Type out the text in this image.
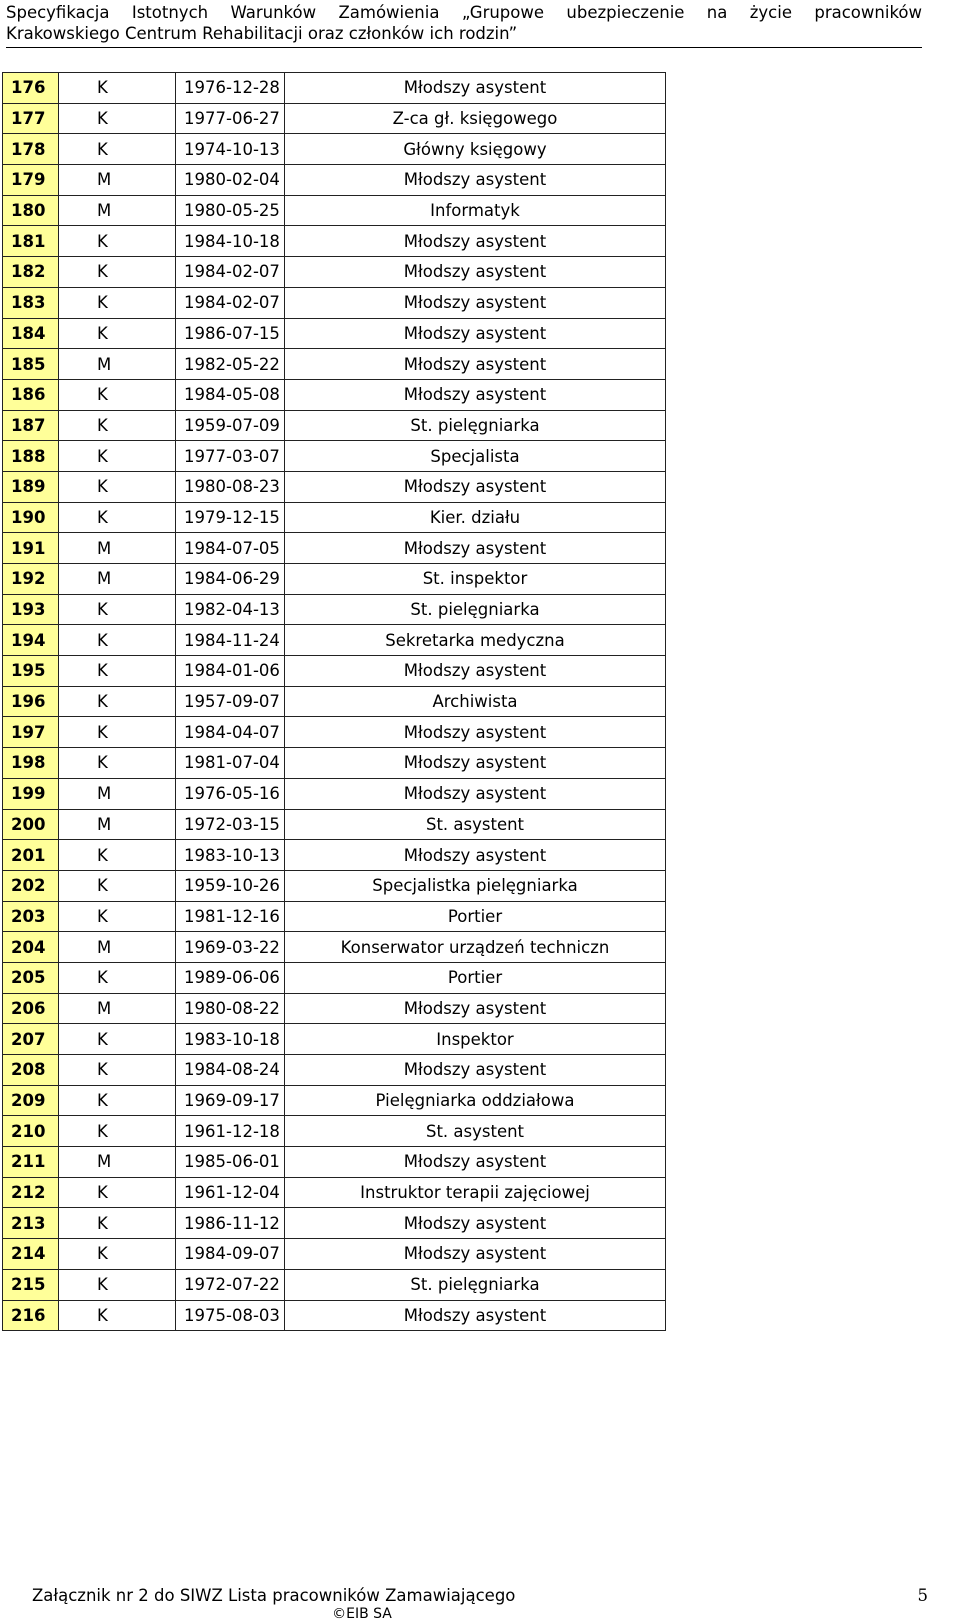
Specyfikacja Istotnych Warunków Zamówienia „Grupowe ubezpieczenie na życie pracowników
Krakowskiego Centrum Rehabilitacji oraz członków ich rodzin”
176	K	1976-12-28	Młodszy asystent
177	K	1977-06-27	Z-ca gł. księgowego
178	K	1974-10-13	Główny księgowy
179	M	1980-02-04	Młodszy asystent
180	M	1980-05-25	Informatyk
181	K	1984-10-18	Młodszy asystent
182	K	1984-02-07	Młodszy asystent
183	K	1984-02-07	Młodszy asystent
184	K	1986-07-15	Młodszy asystent
185	M	1982-05-22	Młodszy asystent
186	K	1984-05-08	Młodszy asystent
187	K	1959-07-09	St. pielęgniarka
188	K	1977-03-07	Specjalista
189	K	1980-08-23	Młodszy asystent
190	K	1979-12-15	Kier. działu
191	M	1984-07-05	Młodszy asystent
192	M	1984-06-29	St. inspektor
193	K	1982-04-13	St. pielęgniarka
194	K	1984-11-24	Sekretarka medyczna
195	K	1984-01-06	Młodszy asystent
196	K	1957-09-07	Archiwista
197	K	1984-04-07	Młodszy asystent
198	K	1981-07-04	Młodszy asystent
199	M	1976-05-16	Młodszy asystent
200	M	1972-03-15	St. asystent
201	K	1983-10-13	Młodszy asystent
202	K	1959-10-26	Specjalistka pielęgniarka
203	K	1981-12-16	Portier
204	M	1969-03-22	Konserwator urządzeń techniczn
205	K	1989-06-06	Portier
206	M	1980-08-22	Młodszy asystent
207	K	1983-10-18	Inspektor
208	K	1984-08-24	Młodszy asystent
209	K	1969-09-17	Pielęgniarka oddziałowa
210	K	1961-12-18	St. asystent
211	M	1985-06-01	Młodszy asystent
212	K	1961-12-04	Instruktor terapii zajęciowej
213	K	1986-11-12	Młodszy asystent
214	K	1984-09-07	Młodszy asystent
215	K	1972-07-22	St. pielęgniarka
216	K	1975-08-03	Młodszy asystent
Załącznik nr 2 do SIWZ Lista pracowników Zamawiającego	5
©EIB SA
